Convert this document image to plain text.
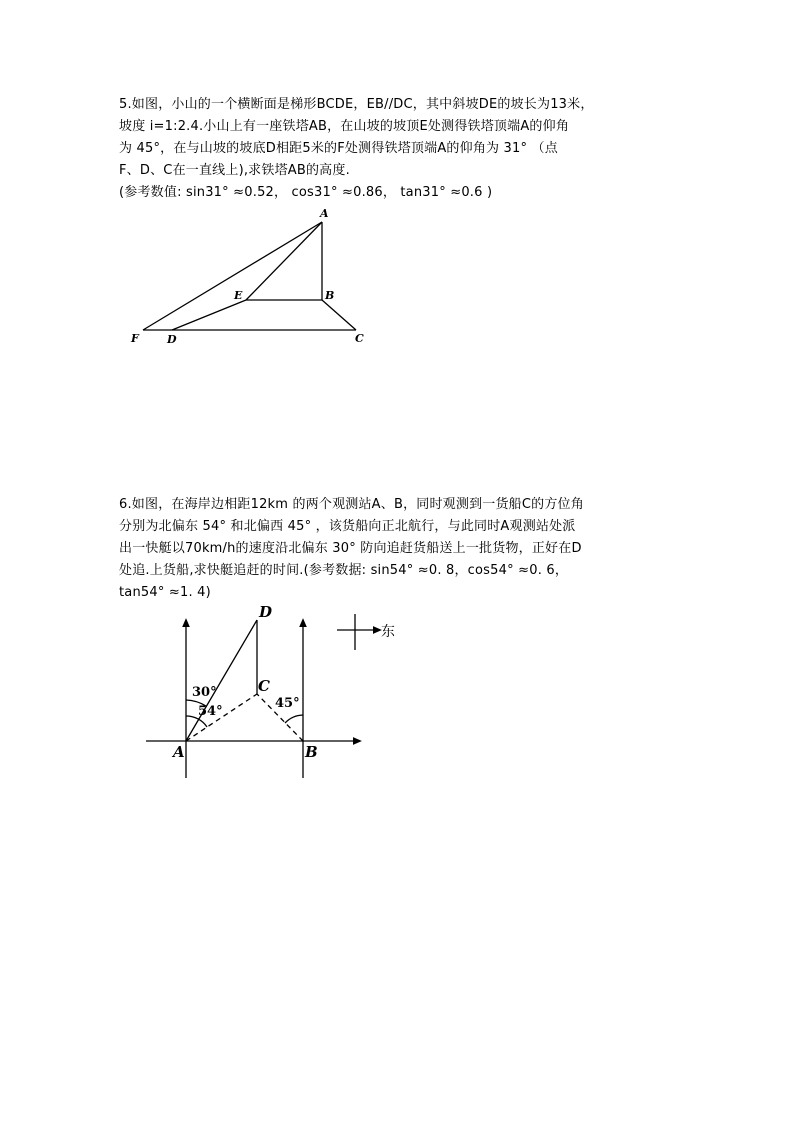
5.如图，小山的一个横断面是梯形BCDE，EB//DC，其中斜坡DE的坡长为13米，
坡度 i=1:2.4.小山上有一座铁塔AB，在山坡的坡顶E处测得铁塔顶端A的仰角
为 45°，在与山坡的坡底D相距5米的F处测得铁塔顶端A的仰角为 31° （点
F、D、C在一直线上),求铁塔AB的高度.
(参考数值: sin31° ≈0.52， cos31° ≈0.86， tan31° ≈0.6 )
A
E	B
F	D	C
6.如图，在海岸边相距12km 的两个观测站A、B，同时观测到一货船C的方位角
分别为北偏东 54° 和北偏西 45° ，该货船向正北航行，与此同时A观测站处派
出一快艇以70km/h的速度沿北偏东 30° 防向追赶货船送上一批货物，正好在D
处追.上货船,求快艇追赶的时间.(参考数据: sin54° ≈0. 8，cos54° ≈0. 6，
tan54° ≈1. 4)
D
C
A	B
30°
54°
45°
东
